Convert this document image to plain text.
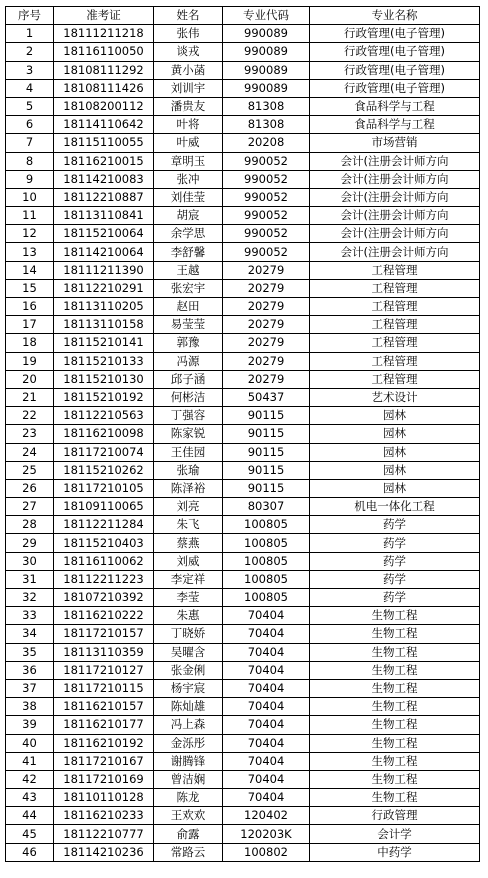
序号	准考证	姓名	专业代码	专业名称
1	18111211218	张伟	990089	行政管理(电子管理)
2	18116110050	谈戎	990089	行政管理(电子管理)
3	18108111292	黄小菡	990089	行政管理(电子管理)
4	18108111426	刘训宇	990089	行政管理(电子管理)
5	18108200112	潘贵友	81308	食品科学与工程
6	18114110642	叶将	81308	食品科学与工程
7	18115110055	叶威	20208	市场营销
8	18116210015	章明玉	990052	会计(注册会计师方向
9	18114210083	张冲	990052	会计(注册会计师方向
10	18112210887	刘佳莹	990052	会计(注册会计师方向
11	18113110841	胡宸	990052	会计(注册会计师方向
12	18115210064	余学思	990052	会计(注册会计师方向
13	18114210064	李舒馨	990052	会计(注册会计师方向
14	18111211390	王越	20279	工程管理
15	18112210291	张宏宇	20279	工程管理
16	18113110205	赵田	20279	工程管理
17	18113110158	易莹莹	20279	工程管理
18	18115210141	郭豫	20279	工程管理
19	18115210133	冯源	20279	工程管理
20	18115210130	邱子涵	20279	工程管理
21	18115210192	何彬洁	50437	艺术设计
22	18112210563	丁强容	90115	园林
23	18116210098	陈家锐	90115	园林
24	18117210074	王佳园	90115	园林
25	18115210262	张瑜	90115	园林
26	18117210105	陈泽裕	90115	园林
27	18109110065	刘亮	80307	机电一体化工程
28	18112211284	朱飞	100805	药学
29	18115210403	蔡燕	100805	药学
30	18116110062	刘威	100805	药学
31	18112211223	李定祥	100805	药学
32	18107210392	李莹	100805	药学
33	18116210222	朱惠	70404	生物工程
34	18117210157	丁晓娇	70404	生物工程
35	18113110359	吴曜含	70404	生物工程
36	18117210127	张金俐	70404	生物工程
37	18117210115	杨宇宸	70404	生物工程
38	18116210157	陈灿雄	70404	生物工程
39	18116210177	冯上森	70404	生物工程
40	18116210192	金泺彤	70404	生物工程
41	18117210167	谢腾锋	70404	生物工程
42	18117210169	曾洁娴	70404	生物工程
43	18110110128	陈龙	70404	生物工程
44	18116210233	王欢欢	120402	行政管理
45	18112210777	俞露	120203K	会计学
46	18114210236	常路云	100802	中药学
